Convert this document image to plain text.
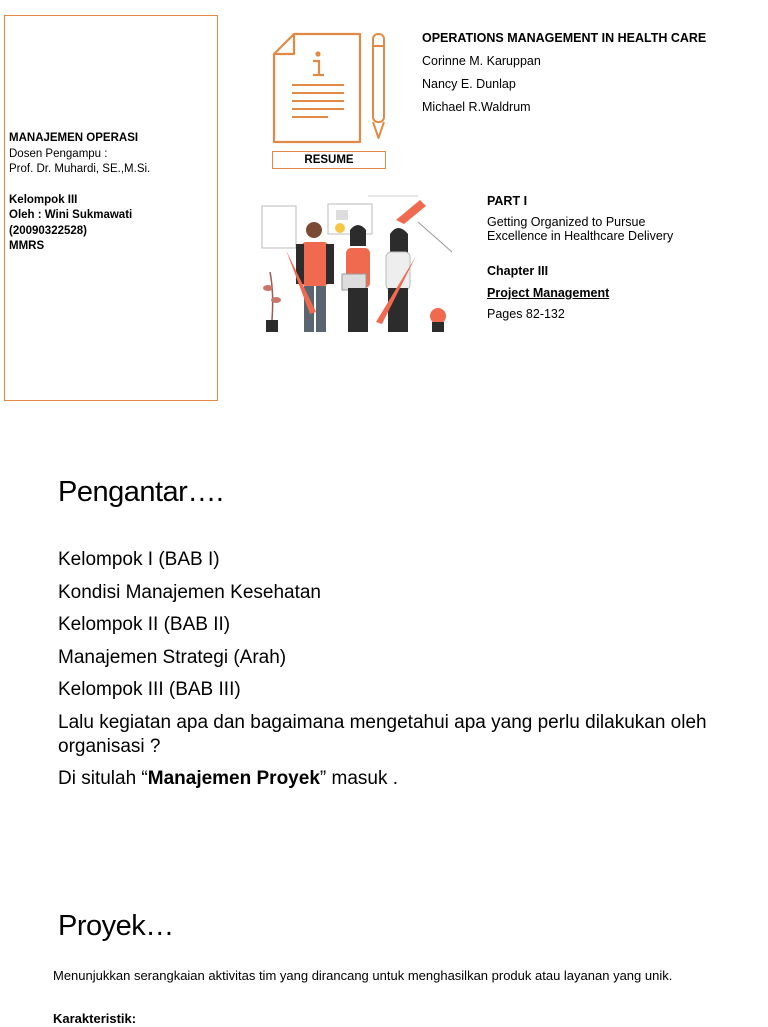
MANAJEMEN OPERASI
Dosen Pengampu :
Prof. Dr. Muhardi, SE.,M.Si.
Kelompok III
Oleh : Wini Sukmawati
(20090322528)
MMRS
RESUME
OPERATIONS MANAGEMENT IN HEALTH CARE
Corinne M. Karuppan
Nancy E. Dunlap
Michael R.Waldrum
PART I
Getting Organized to Pursue Excellence in Healthcare Delivery
Chapter III
Project Management
Pages 82-132
Pengantar….
Kelompok I (BAB I)
Kondisi Manajemen Kesehatan
Kelompok II (BAB II)
Manajemen Strategi (Arah)
Kelompok III (BAB III)
Lalu kegiatan apa dan bagaimana mengetahui apa yang perlu dilakukan oleh organisasi ?
Di situlah “Manajemen Proyek” masuk .
Proyek…
Menunjukkan serangkaian aktivitas tim yang dirancang untuk menghasilkan produk atau layanan yang unik.
Karakteristik:
